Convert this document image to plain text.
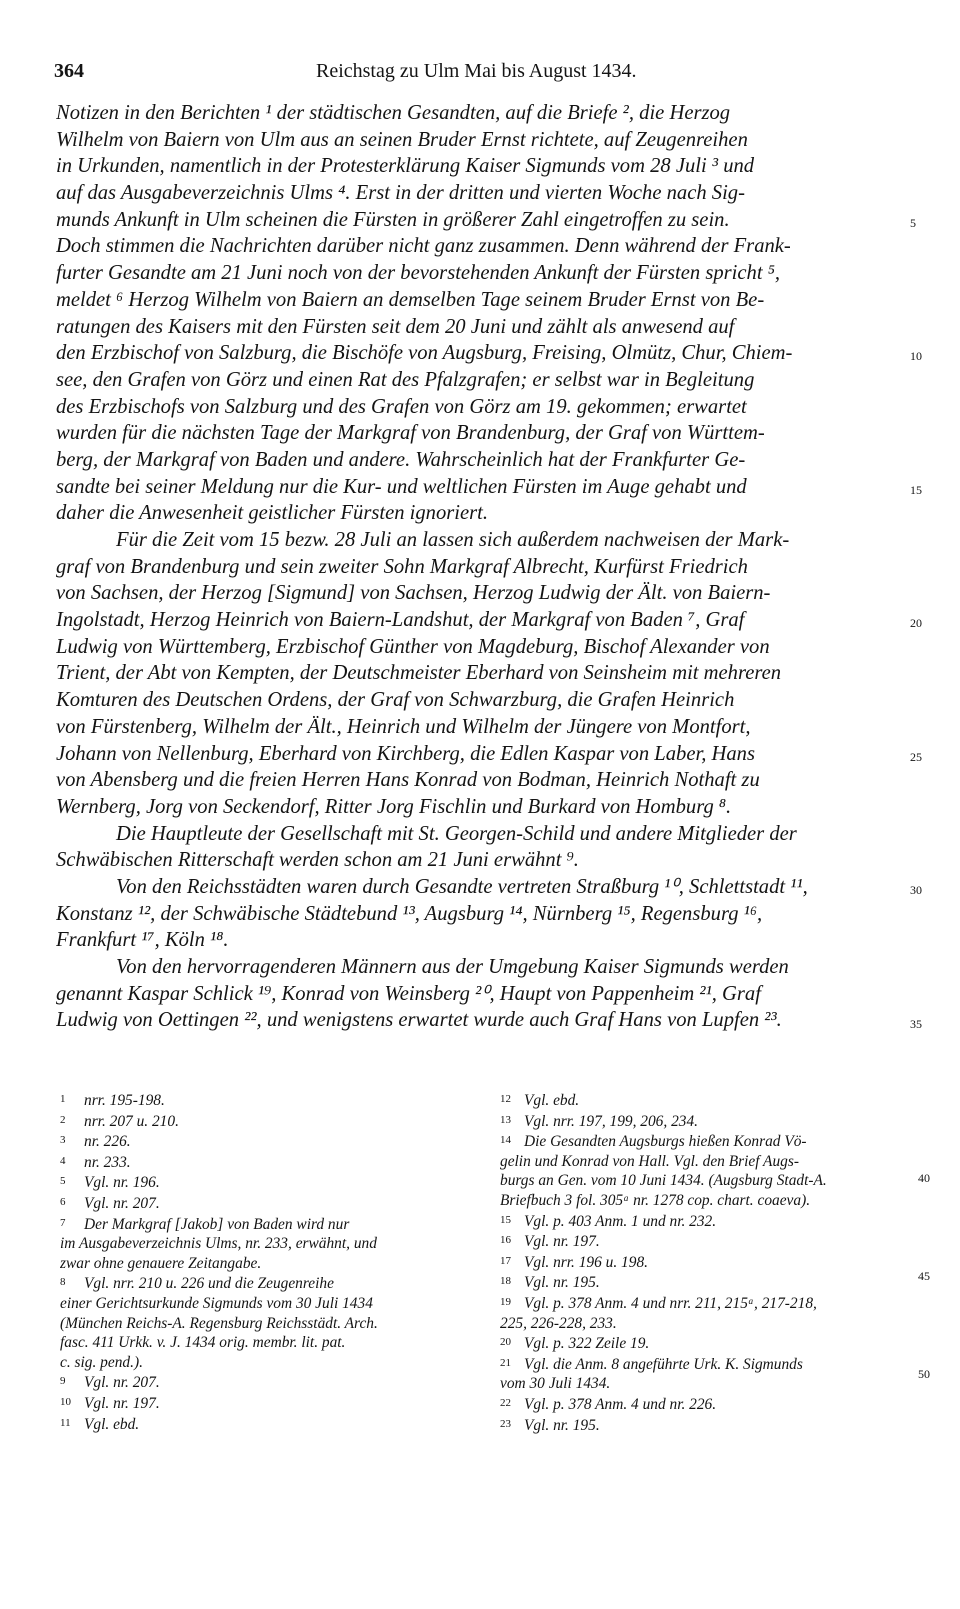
364	Reichstag zu Ulm Mai bis August 1434.
Notizen in den Berichten ¹ der städtischen Gesandten, auf die Briefe ², die Herzog
Wilhelm von Baiern von Ulm aus an seinen Bruder Ernst richtete, auf Zeugenreihen
in Urkunden, namentlich in der Protesterklärung Kaiser Sigmunds vom 28 Juli ³ und
auf das Ausgabeverzeichnis Ulms ⁴. Erst in der dritten und vierten Woche nach Sig-
munds Ankunft in Ulm scheinen die Fürsten in größerer Zahl eingetroffen zu sein.
Doch stimmen die Nachrichten darüber nicht ganz zusammen. Denn während der Frank-
furter Gesandte am 21 Juni noch von der bevorstehenden Ankunft der Fürsten spricht ⁵,
meldet ⁶ Herzog Wilhelm von Baiern an demselben Tage seinem Bruder Ernst von Be-
ratungen des Kaisers mit den Fürsten seit dem 20 Juni und zählt als anwesend auf
den Erzbischof von Salzburg, die Bischöfe von Augsburg, Freising, Olmütz, Chur, Chiem-
see, den Grafen von Görz und einen Rat des Pfalzgrafen; er selbst war in Begleitung
des Erzbischofs von Salzburg und des Grafen von Görz am 19. gekommen; erwartet
wurden für die nächsten Tage der Markgraf von Brandenburg, der Graf von Württem-
berg, der Markgraf von Baden und andere. Wahrscheinlich hat der Frankfurter Ge-
sandte bei seiner Meldung nur die Kur- und weltlichen Fürsten im Auge gehabt und
daher die Anwesenheit geistlicher Fürsten ignoriert.
Für die Zeit vom 15 bezw. 28 Juli an lassen sich außerdem nachweisen der Mark-
graf von Brandenburg und sein zweiter Sohn Markgraf Albrecht, Kurfürst Friedrich
von Sachsen, der Herzog [Sigmund] von Sachsen, Herzog Ludwig der Ält. von Baiern-
Ingolstadt, Herzog Heinrich von Baiern-Landshut, der Markgraf von Baden ⁷, Graf
Ludwig von Württemberg, Erzbischof Günther von Magdeburg, Bischof Alexander von
Trient, der Abt von Kempten, der Deutschmeister Eberhard von Seinsheim mit mehreren
Komturen des Deutschen Ordens, der Graf von Schwarzburg, die Grafen Heinrich
von Fürstenberg, Wilhelm der Ält., Heinrich und Wilhelm der Jüngere von Montfort,
Johann von Nellenburg, Eberhard von Kirchberg, die Edlen Kaspar von Laber, Hans
von Abensberg und die freien Herren Hans Konrad von Bodman, Heinrich Nothaft zu
Wernberg, Jorg von Seckendorf, Ritter Jorg Fischlin und Burkard von Homburg ⁸.
Die Hauptleute der Gesellschaft mit St. Georgen-Schild und andere Mitglieder der
Schwäbischen Ritterschaft werden schon am 21 Juni erwähnt ⁹.
Von den Reichsstädten waren durch Gesandte vertreten Straßburg ¹⁰, Schlettstadt ¹¹,
Konstanz ¹², der Schwäbische Städtebund ¹³, Augsburg ¹⁴, Nürnberg ¹⁵, Regensburg ¹⁶,
Frankfurt ¹⁷, Köln ¹⁸.
Von den hervorragenderen Männern aus der Umgebung Kaiser Sigmunds werden
genannt Kaspar Schlick ¹⁹, Konrad von Weinsberg ²⁰, Haupt von Pappenheim ²¹, Graf
Ludwig von Oettingen ²², und wenigstens erwartet wurde auch Graf Hans von Lupfen ²³.
5
10
15
20
25
30
35
1 nrr. 195-198.
2 nrr. 207 u. 210.
3 nr. 226.
4 nr. 233.
5 Vgl. nr. 196.
6 Vgl. nr. 207.
7 Der Markgraf [Jakob] von Baden wird nur
im Ausgabeverzeichnis Ulms, nr. 233, erwähnt, und
zwar ohne genauere Zeitangabe.
8 Vgl. nrr. 210 u. 226 und die Zeugenreihe
einer Gerichtsurkunde Sigmunds vom 30 Juli 1434
(München Reichs-A. Regensburg Reichsstädt. Arch.
fasc. 411 Urkk. v. J. 1434 orig. membr. lit. pat.
c. sig. pend.).
9 Vgl. nr. 207.
10 Vgl. nr. 197.
11 Vgl. ebd.
12 Vgl. ebd.
13 Vgl. nrr. 197, 199, 206, 234.
14 Die Gesandten Augsburgs hießen Konrad Vö-
gelin und Konrad von Hall. Vgl. den Brief Augs-
burgs an Gen. vom 10 Juni 1434. (Augsburg Stadt-A.
Briefbuch 3 fol. 305ᵃ nr. 1278 cop. chart. coaeva).
15 Vgl. p. 403 Anm. 1 und nr. 232.
16 Vgl. nr. 197.
17 Vgl. nrr. 196 u. 198.
18 Vgl. nr. 195.
19 Vgl. p. 378 Anm. 4 und nrr. 211, 215ᵃ, 217-218,
225, 226-228, 233.
20 Vgl. p. 322 Zeile 19.
21 Vgl. die Anm. 8 angeführte Urk. K. Sigmunds
vom 30 Juli 1434.
22 Vgl. p. 378 Anm. 4 und nr. 226.
23 Vgl. nr. 195.
40
45
50
